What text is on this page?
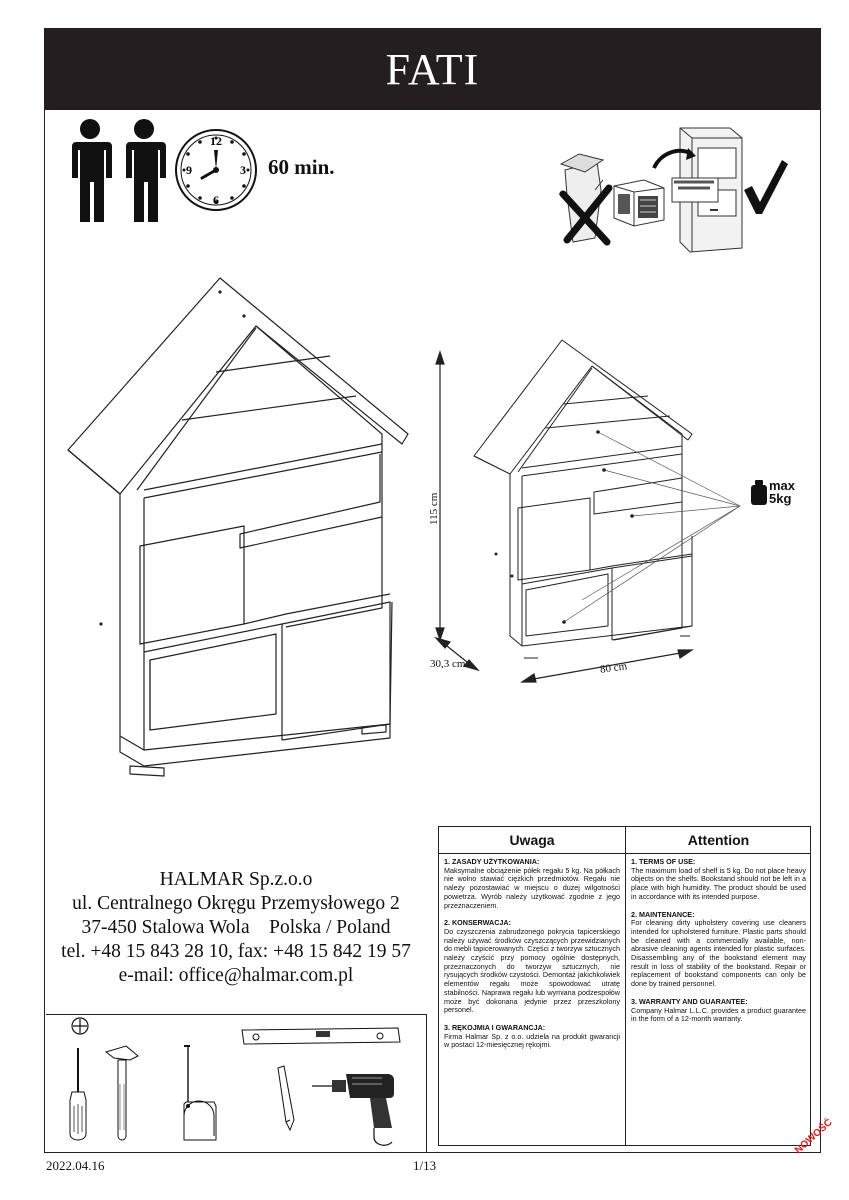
FATI
12
3
6
9	60 min.
115 cm
30,3 cm	80 cm
max
5kg
HALMAR Sp.z.o.o
ul. Centralnego Okręgu Przemysłowego 2
37-450 Stalowa Wola    Polska / Poland
tel. +48 15 843 28 10, fax: +48 15 842 19 57
e-mail: office@halmar.com.pl
Uwaga
1. ZASADY UŻYTKOWANIA:
Maksymalne obciążenie półek regału 5 kg. Na półkach nie wolno stawiać ciężkich przedmiotów. Regału nie należy pozostawiać w miejscu o dużej wilgotności powietrza. Wyrób należy użytkować zgodnie z jego przeznaczeniem.
2. KONSERWACJA:
Do czyszczenia zabrudzonego pokrycia tapicerskiego należy używać środków czyszczących przewidzianych do mebli tapicerowanych. Części z tworzyw sztucznych należy czyścić przy pomocy ogólnie dostępnych, przeznaczonych do tworzyw sztucznych, nie rysujących środków czystości. Demontaż jakichkolwiek elementów regału może spowodować utratę stabilności. Naprawa regału lub wymiana podzespołów może być dokonana jedynie przez przeszkolony personel.
3. RĘKOJMIA I GWARANCJA:
Firma Halmar Sp. z o.o. udziela na produkt gwarancji w postaci 12-miesięcznej rękojmi.
Attention
1. TERMS OF USE:
The maximum load of shelf is 5 kg. Do not place heavy objects on the shelfs. Bookstand should not be left in a place with high humidity. The product should be used in accordance with its intended purpose.
2. MAINTENANCE:
For cleaning dirty upholstery covering use cleaners intended for upholstered furniture. Plastic parts should be cleaned with a commercially available, non-abrasive cleaning agents intended for plastic surfaces. Disassembling any of the bookstand element may result in loss of stability of the bookstand. Repair or replacement of bookstand components can only be done by trained personnel.
3. WARRANTY AND GUARANTEE:
Company Halmar L.L.C. provides a product guarantee in the form of a 12-month warranty.
2022.04.16	1/13
NOWOŚĆ
